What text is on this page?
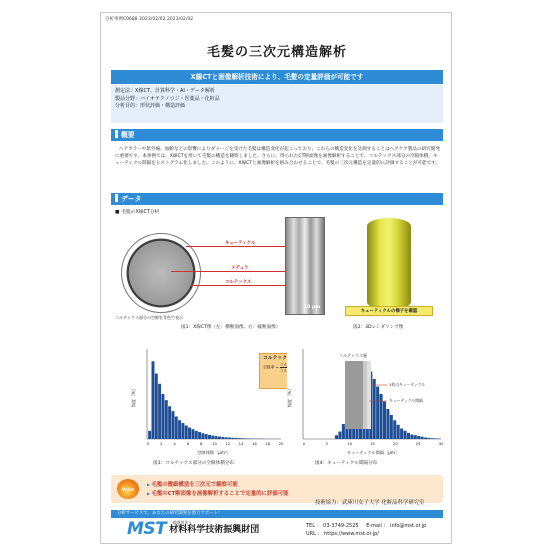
分析事例C0688 2023/02/02 2023/02/02
毛髪の三次元構造解析
X線CTと画像解析技術により、毛髪の定量評価が可能です
測定法：X線CT、計算科学・AI・データ解析
製品分野：バイオテクノロジ・医薬品・化粧品
分析目的：形状評価・構造評価
概要
ヘアカラーや紫外線、加齢などの影響によりダメージを受けた毛髪は構造変化が起こっており、これらの構造変化を計測することはヘアケア製品の研究開発に重要です。本事例では、X線CTを用いて毛髪の構造を観察しました。さらに、得られたCT断面像を画像解析することで、コルテックス部分の空隙体積、キューティクル間隔をヒストグラム化しました。このように、X線CTと画像解析を組み合わせることで、毛髪の三次元構造を定量的に評価することが可能です。
データ
■ 毛髪のX線CT分析
10 µm
キューティクル
メデュラ
コルテックス
コルテックス部分の空隙を青色で表示
図1：X線CT像（左：横断面像、右：縦断面像）
キューティクルの様子を確認
図2：3Dレンダリング像
0	2	4	6	8	10 12 14 16 18 20
頻度［%］
空隙体積［µm³］
コルテックス部分の空隙率=1.5%
空隙率 = コルテックス部分の空隙体積
コルテックス部分の全体体積
× 100
図3：コルテックス部分の空隙体積分布
0	5	10	15	20	25	30
コルテックス層
1枚のキューティクル
キューティクル間隔
頻度［%］
キューティクル間隔［µm］
図4：キューティクル間隔分布
Point
▶ 毛髪の微細構造を三次元で観察可能
▶ 毛髪のCT断面像を画像解析することで定量的に評価可能
技術協力：武庫川女子大学 化粧品科学研究室
分析サービスで、あなたの研究開発を強力サポート！
MST 一般財団法人
材料科学技術振興財団	TEL ： 03-3749-2525 E-mail ： info@mst.or.jp
URL ： https://www.mst.or.jp/
